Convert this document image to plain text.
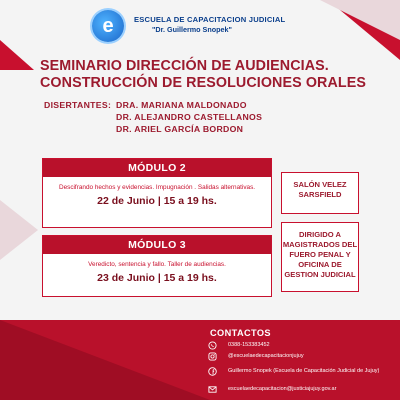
e	ESCUELA DE CAPACITACION JUDICIAL
"Dr. Guillermo Snopek"
SEMINARIO DIRECCIÓN DE AUDIENCIAS.
CONSTRUCCIÓN DE RESOLUCIONES ORALES
DISERTANTES: DRA. MARIANA MALDONADO
DR. ALEJANDRO CASTELLANOS
DR. ARIEL GARCÍA BORDON
MÓDULO 2
Descifrando hechos y evidencias. Impugnación . Salidas alternativas.
22 de Junio | 15 a 19 hs.
MÓDULO 3
Veredicto, sentencia y fallo. Taller de audiencias.
23 de Junio | 15 a 19 hs.
SALÓN VELEZ
SARSFIELD
DIRIGIDO A
MAGISTRADOS DEL
FUERO PENAL Y
OFICINA DE
GESTION JUDICIAL
CONTACTOS
0388-153383452
@escuelaedecapacitacionjujuy
Guillermo Snopek (Escuela de Capacitación Judicial de Jujuy)
escuelaedecapacitacion@justiciajujuy.gov.ar
